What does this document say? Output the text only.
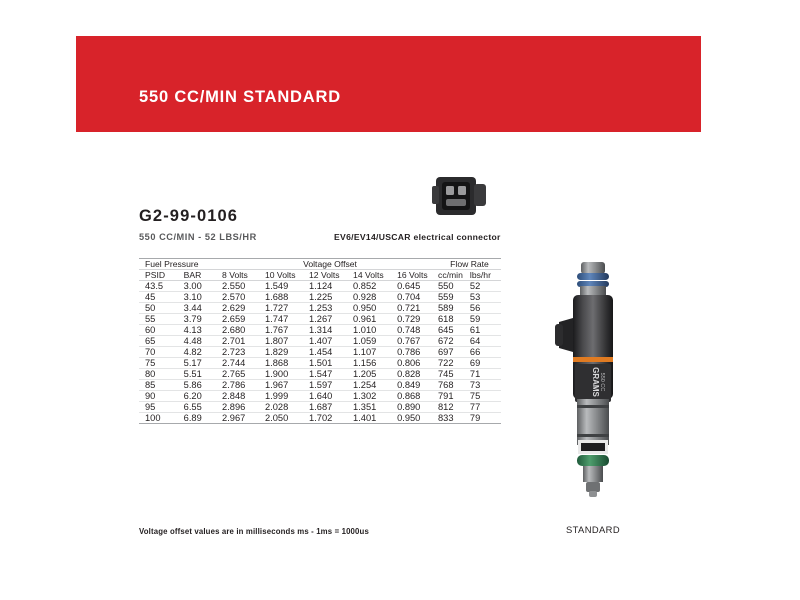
550 CC/MIN STANDARD
G2-99-0106
550 CC/MIN - 52 LBS/HR	EV6/EV14/USCAR electrical connector
Fuel Pressure		Voltage Offset					Flow Rate	
PSID	BAR	8 Volts	10 Volts	12 Volts	14 Volts	16 Volts	cc/min	lbs/hr
43.5	3.00	2.550	1.549	1.124	0.852	0.645	550	52
45	3.10	2.570	1.688	1.225	0.928	0.704	559	53
50	3.44	2.629	1.727	1.253	0.950	0.721	589	56
55	3.79	2.659	1.747	1.267	0.961	0.729	618	59
60	4.13	2.680	1.767	1.314	1.010	0.748	645	61
65	4.48	2.701	1.807	1.407	1.059	0.767	672	64
70	4.82	2.723	1.829	1.454	1.107	0.786	697	66
75	5.17	2.744	1.868	1.501	1.156	0.806	722	69
80	5.51	2.765	1.900	1.547	1.205	0.828	745	71
85	5.86	2.786	1.967	1.597	1.254	0.849	768	73
90	6.20	2.848	1.999	1.640	1.302	0.868	791	75
95	6.55	2.896	2.028	1.687	1.351	0.890	812	77
100	6.89	2.967	2.050	1.702	1.401	0.950	833	79
Voltage offset values are in milliseconds ms - 1ms = 1000us
GRAMS 550 CC
STANDARD
